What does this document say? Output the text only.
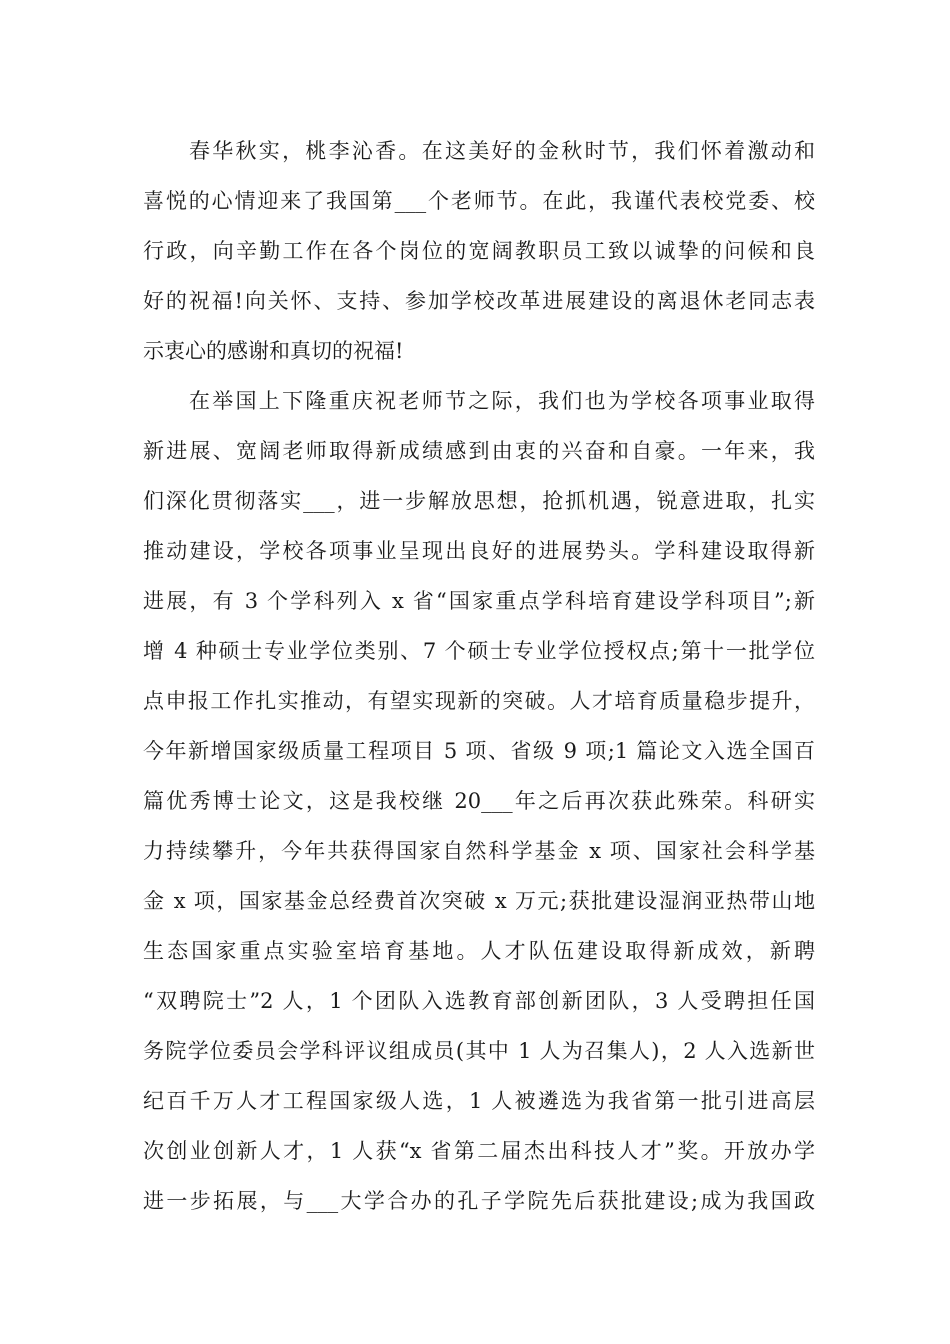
春华秋实，桃李沁香。在这美好的金秋时节，我们怀着激动和
喜悦的心情迎来了我国第___个老师节。在此，我谨代表校党委、校
行政，向辛勤工作在各个岗位的宽阔教职员工致以诚挚的问候和良
好的祝福!向关怀、支持、参加学校改革进展建设的离退休老同志表
示衷心的感谢和真切的祝福!
在举国上下隆重庆祝老师节之际，我们也为学校各项事业取得
新进展、宽阔老师取得新成绩感到由衷的兴奋和自豪。一年来，我
们深化贯彻落实___，进一步解放思想，抢抓机遇，锐意进取，扎实
推动建设，学校各项事业呈现出良好的进展势头。学科建设取得新
进展，有 3 个学科列入 x 省“国家重点学科培育建设学科项目”;新
增 4 种硕士专业学位类别、7 个硕士专业学位授权点;第十一批学位
点申报工作扎实推动，有望实现新的突破。人才培育质量稳步提升，
今年新增国家级质量工程项目 5 项、省级 9 项;1 篇论文入选全国百
篇优秀博士论文，这是我校继 20___年之后再次获此殊荣。科研实
力持续攀升，今年共获得国家自然科学基金 x 项、国家社会科学基
金 x 项，国家基金总经费首次突破 x 万元;获批建设湿润亚热带山地
生态国家重点实验室培育基地。人才队伍建设取得新成效，新聘
“双聘院士”2 人，1 个团队入选教育部创新团队，3 人受聘担任国
务院学位委员会学科评议组成员(其中 1 人为召集人)，2 人入选新世
纪百千万人才工程国家级人选，1 人被遴选为我省第一批引进高层
次创业创新人才，1 人获“x 省第二届杰出科技人才”奖。开放办学
进一步拓展，与___大学合办的孔子学院先后获批建设;成为我国政
